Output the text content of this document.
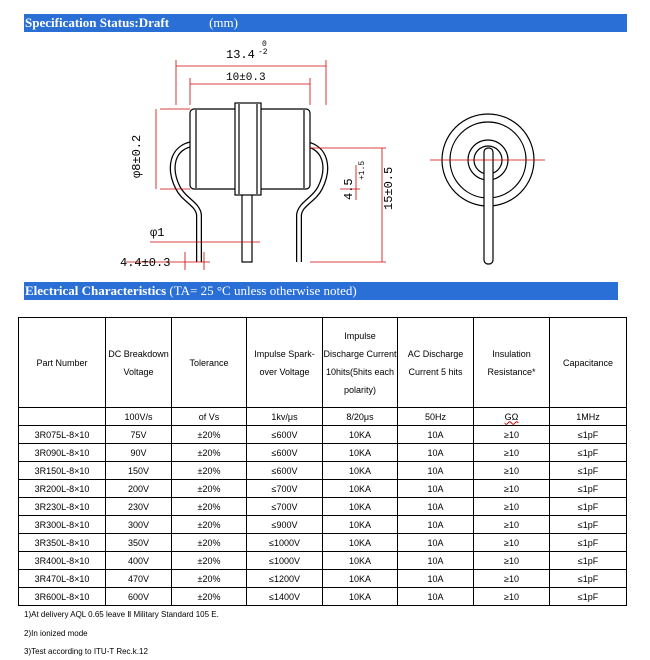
Specification Status:Draft	(mm)
13.4
0
-2
10±0.3
φ8±0.2
φ1
4.4±0.3
4.5
+1.5 15±0.5
Electrical Characteristics (TA= 25 °C unless otherwise noted)
Part Number	DC Breakdown Voltage	Tolerance	Impulse Spark-over Voltage	Impulse Discharge Current 10hits(5hits each polarity)	AC Discharge Current 5 hits	Insulation Resistance*	Capacitance
	100V/s	of Vs	1kv/μs	8/20μs	50Hz	GΩ	1MHz
3R075L-8×10	75V	±20%	≤600V	10KA	10A	≥10	≤1pF
3R090L-8×10	90V	±20%	≤600V	10KA	10A	≥10	≤1pF
3R150L-8×10	150V	±20%	≤600V	10KA	10A	≥10	≤1pF
3R200L-8×10	200V	±20%	≤700V	10KA	10A	≥10	≤1pF
3R230L-8×10	230V	±20%	≤700V	10KA	10A	≥10	≤1pF
3R300L-8×10	300V	±20%	≤900V	10KA	10A	≥10	≤1pF
3R350L-8×10	350V	±20%	≤1000V	10KA	10A	≥10	≤1pF
3R400L-8×10	400V	±20%	≤1000V	10KA	10A	≥10	≤1pF
3R470L-8×10	470V	±20%	≤1200V	10KA	10A	≥10	≤1pF
3R600L-8×10	600V	±20%	≤1400V	10KA	10A	≥10	≤1pF
1)At delivery AQL 0.65 leave Ⅱ Military Standard 105 E.
2)In ionized mode
3)Test according to ITU-T Rec.k.12
